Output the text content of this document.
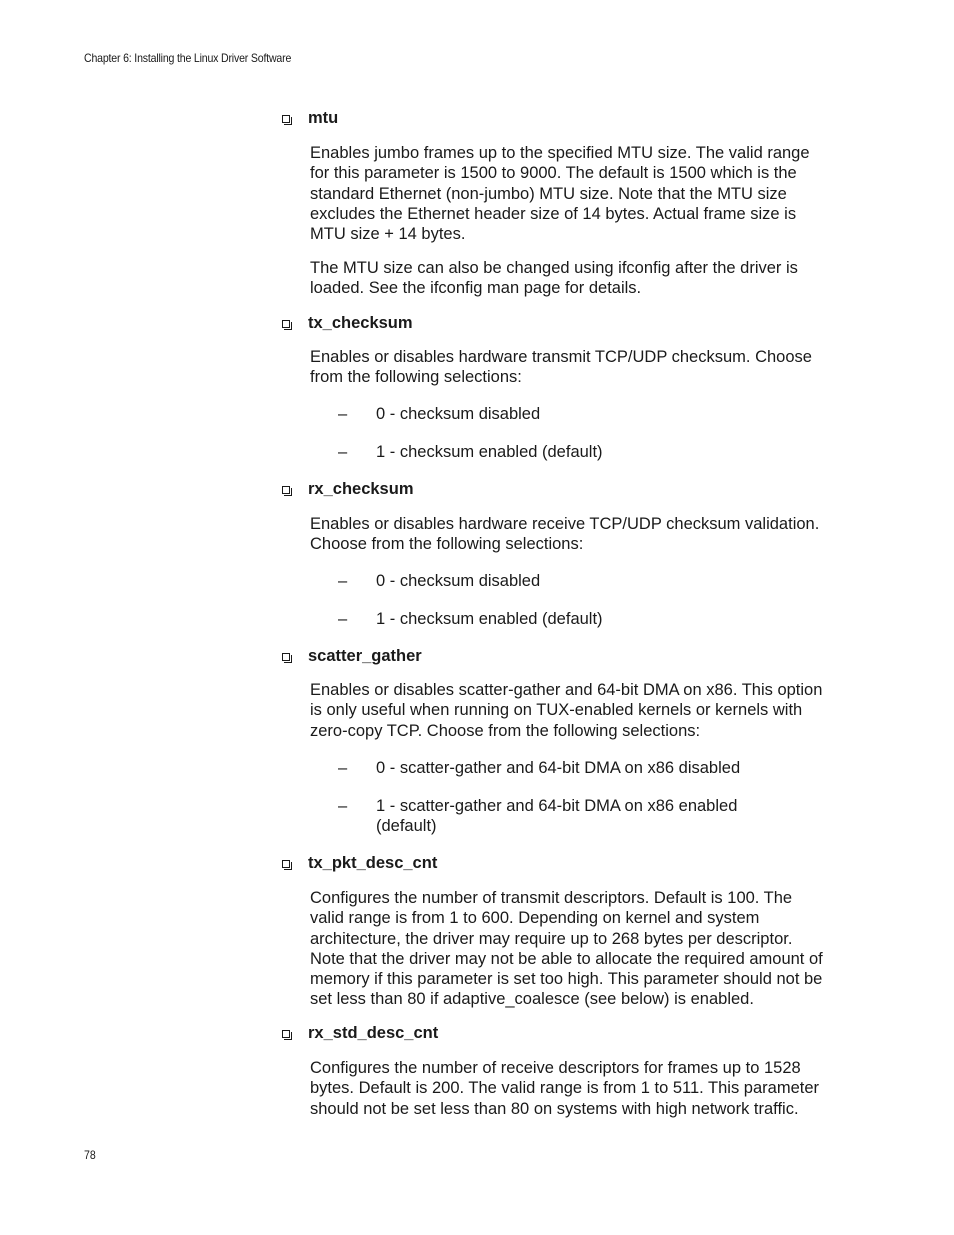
Chapter 6: Installing the Linux Driver Software
mtu
Enables jumbo frames up to the specified MTU size. The valid range
for this parameter is 1500 to 9000. The default is 1500 which is the
standard Ethernet (non-jumbo) MTU size. Note that the MTU size
excludes the Ethernet header size of 14 bytes. Actual frame size is
MTU size + 14 bytes.
The MTU size can also be changed using ifconfig after the driver is
loaded. See the ifconfig man page for details.
tx_checksum
Enables or disables hardware transmit TCP/UDP checksum. Choose
from the following selections:

– 0 - checksum disabled

– 1 - checksum enabled (default)

rx_checksum
Enables or disables hardware receive TCP/UDP checksum validation.
Choose from the following selections:

– 0 - checksum disabled

– 1 - checksum enabled (default)

scatter_gather
Enables or disables scatter-gather and 64-bit DMA on x86. This option
is only useful when running on TUX-enabled kernels or kernels with
zero-copy TCP. Choose from the following selections:

– 0 - scatter-gather and 64-bit DMA on x86 disabled

– 1 - scatter-gather and 64-bit DMA on x86 enabled
(default)

tx_pkt_desc_cnt
Configures the number of transmit descriptors. Default is 100. The
valid range is from 1 to 600. Depending on kernel and system
architecture, the driver may require up to 268 bytes per descriptor.
Note that the driver may not be able to allocate the required amount of
memory if this parameter is set too high. This parameter should not be
set less than 80 if adaptive_coalesce (see below) is enabled.
rx_std_desc_cnt
Configures the number of receive descriptors for frames up to 1528
bytes. Default is 200. The valid range is from 1 to 511. This parameter
should not be set less than 80 on systems with high network traffic.
78
